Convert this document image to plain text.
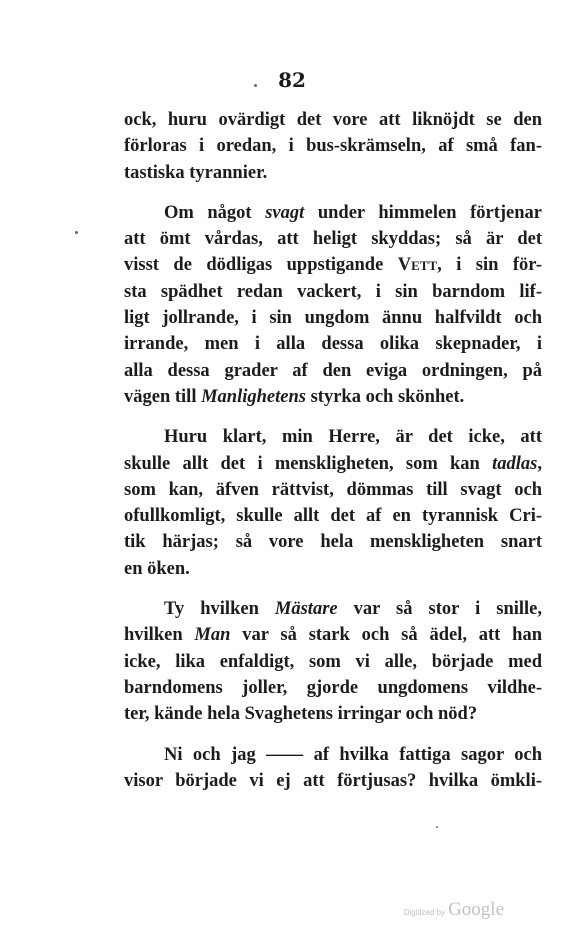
82
ock, huru ovärdigt det vore att liknöjdt se den
förloras i oredan, i bus-skrämseln, af små fan-
tastiska tyrannier.
Om något svagt under himmelen förtjenar
att ömt vårdas, att heligt skyddas; så är det
visst de dödligas uppstigande Vett, i sin för-
sta spädhet redan vackert, i sin barndom lif-
ligt jollrande, i sin ungdom ännu halfvildt och
irrande, men i alla dessa olika skepnader, i
alla dessa grader af den eviga ordningen, på
vägen till Manlighetens styrka och skönhet.
Huru klart, min Herre, är det icke, att
skulle allt det i menskligheten, som kan tadlas,
som kan, äfven rättvist, dömmas till svagt och
ofullkomligt, skulle allt det af en tyrannisk Cri-
tik härjas; så vore hela menskligheten snart
en öken.
Ty hvilken Mästare var så stor i snille,
hvilken Man var så stark och så ädel, att han
icke, lika enfaldigt, som vi alle, började med
barndomens joller, gjorde ungdomens vildhe-
ter, kände hela Svaghetens irringar och nöd?
Ni och jag —— af hvilka fattiga sagor och
visor började vi ej att förtjusas? hvilka ömkli-
Digitized by Google
